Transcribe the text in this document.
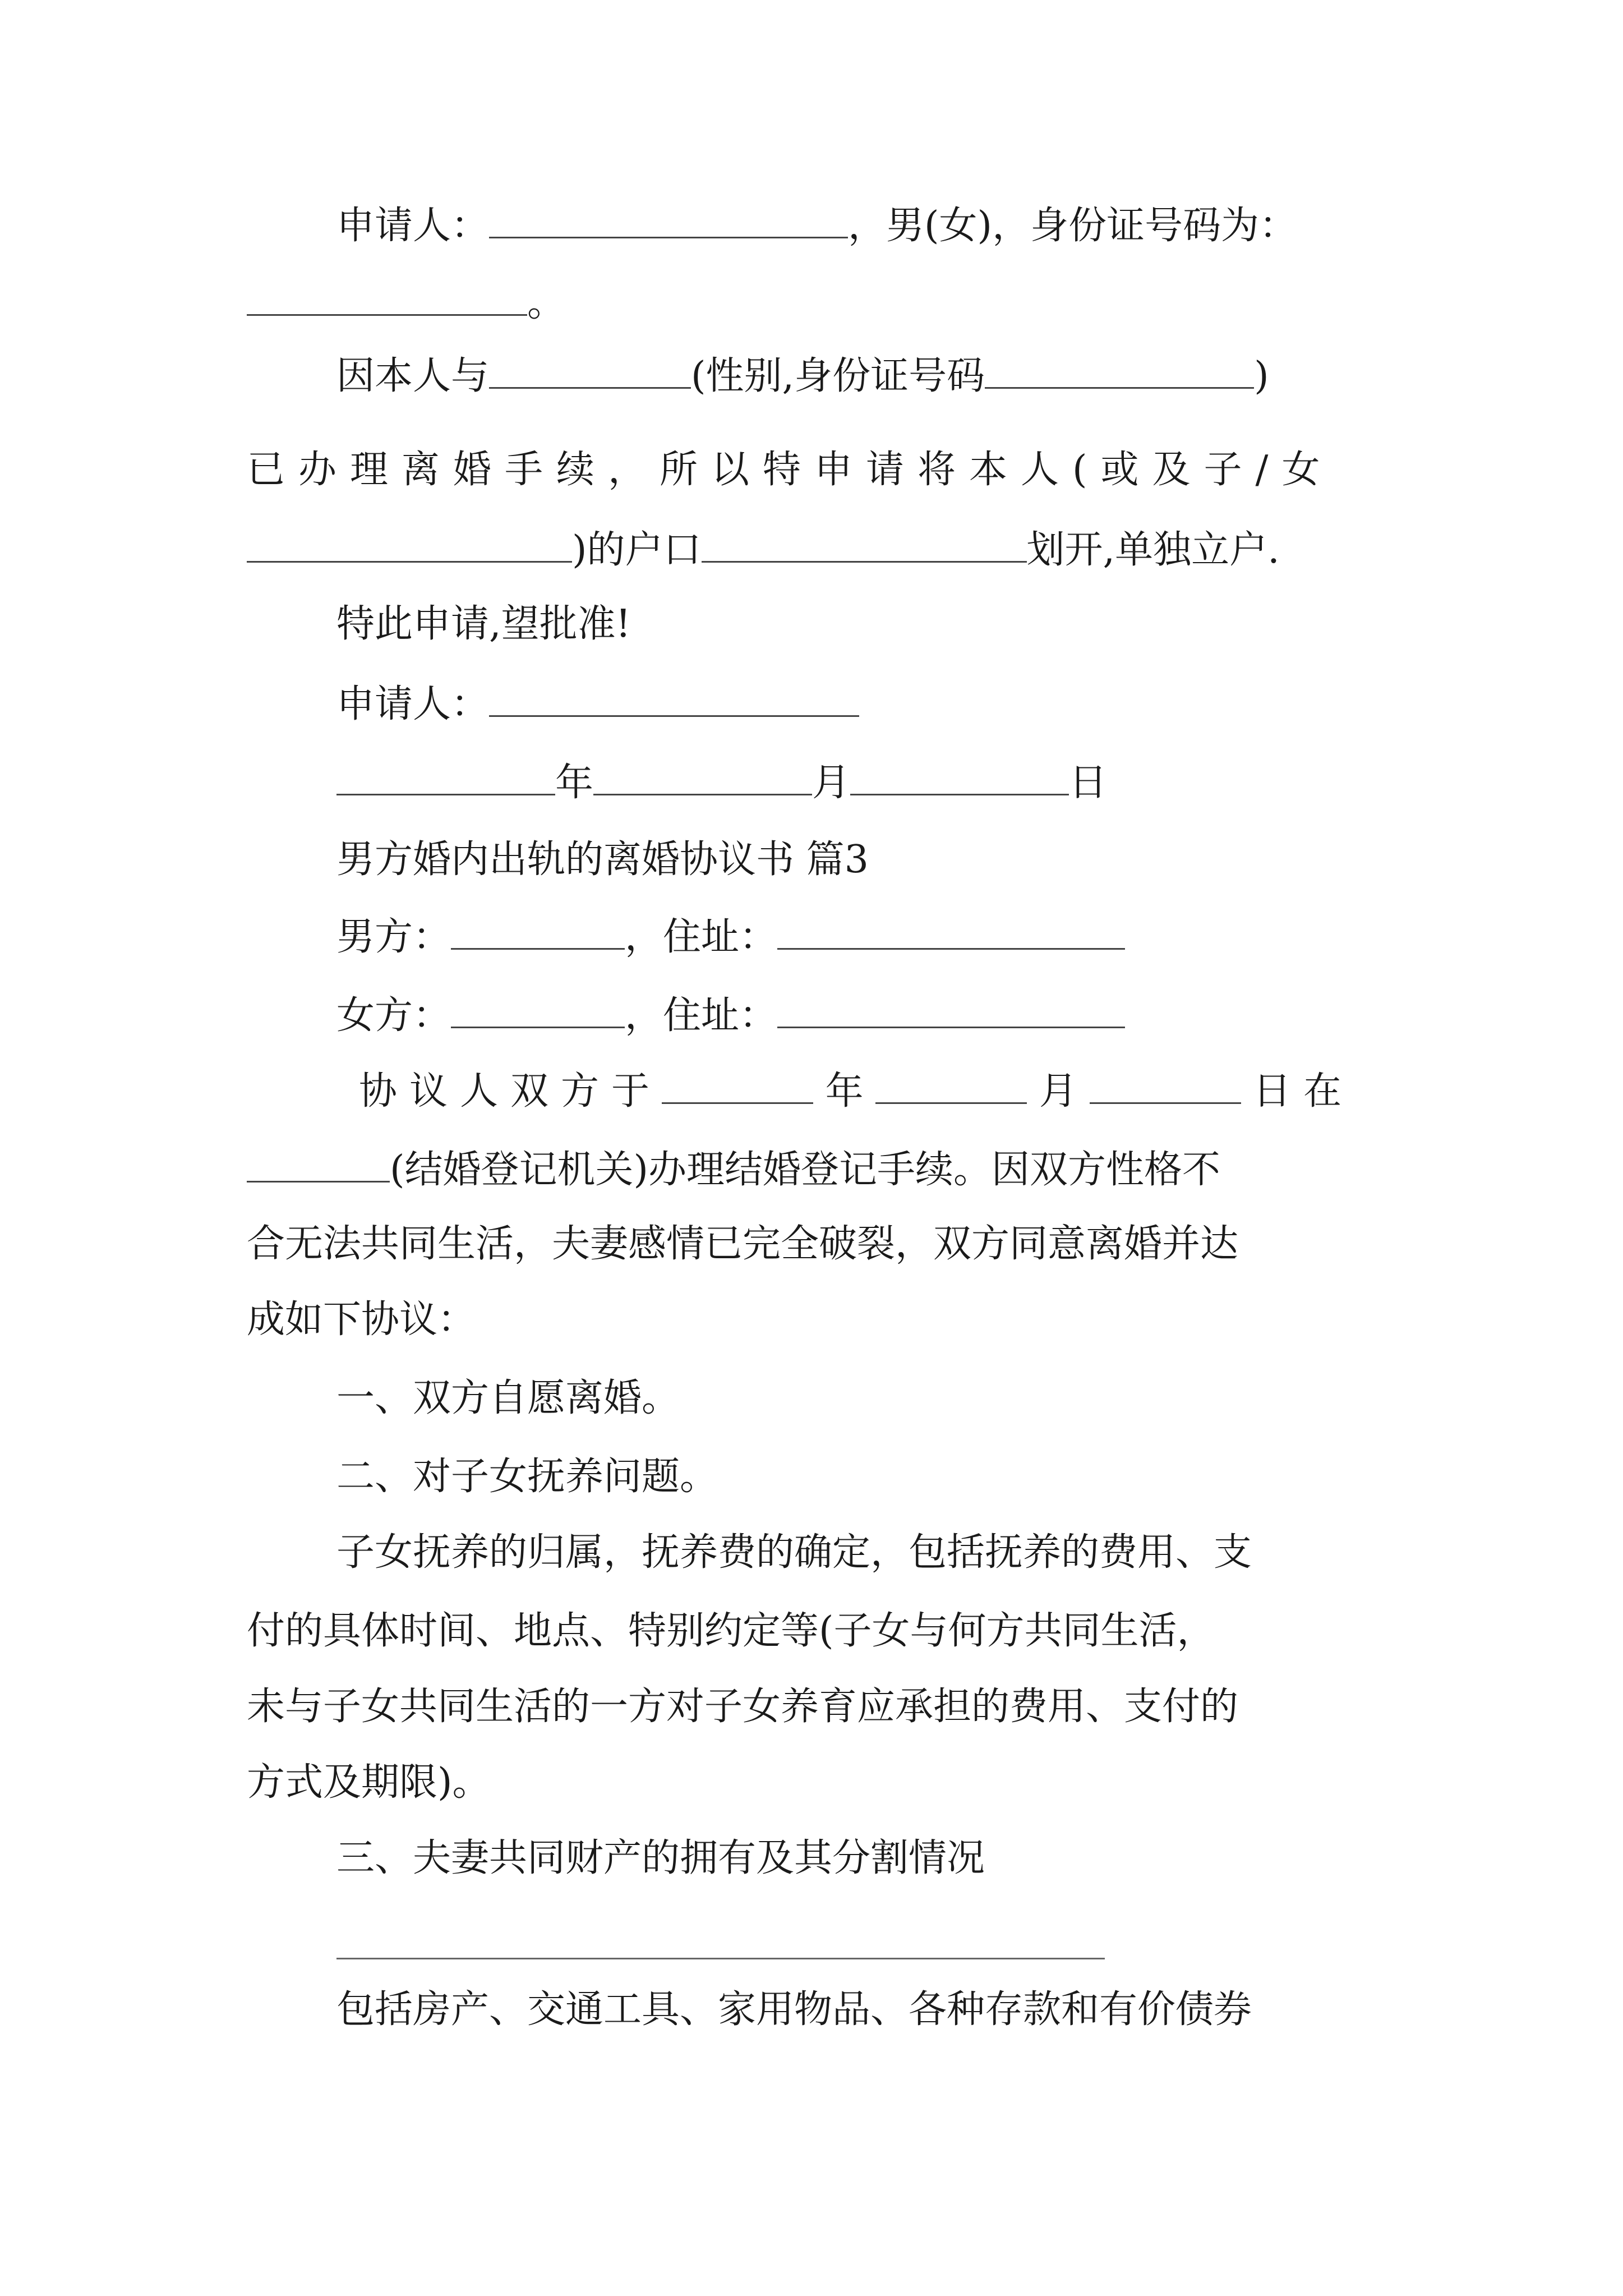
申请人：	，男(女)，身份证号码为：
。
因本人与	(性别,身份证号码	)
已办理离婚手续，所以特申请将本人(或及子/女
)的户口	划开,单独立户.
特此申请,望批准!
申请人：
年	月	日
男方婚内出轨的离婚协议书 篇3
男方：	，住址：
女方：	，住址：
协议人双方于	年	月	日在
(结婚登记机关)办理结婚登记手续。因双方性格不
合无法共同生活，夫妻感情已完全破裂，双方同意离婚并达
成如下协议：
一、双方自愿离婚。
二、对子女抚养问题。
子女抚养的归属，抚养费的确定，包括抚养的费用、支
付的具体时间、地点、特别约定等(子女与何方共同生活，
未与子女共同生活的一方对子女养育应承担的费用、支付的
方式及期限)。
三、夫妻共同财产的拥有及其分割情况
包括房产、交通工具、家用物品、各种存款和有价债券
